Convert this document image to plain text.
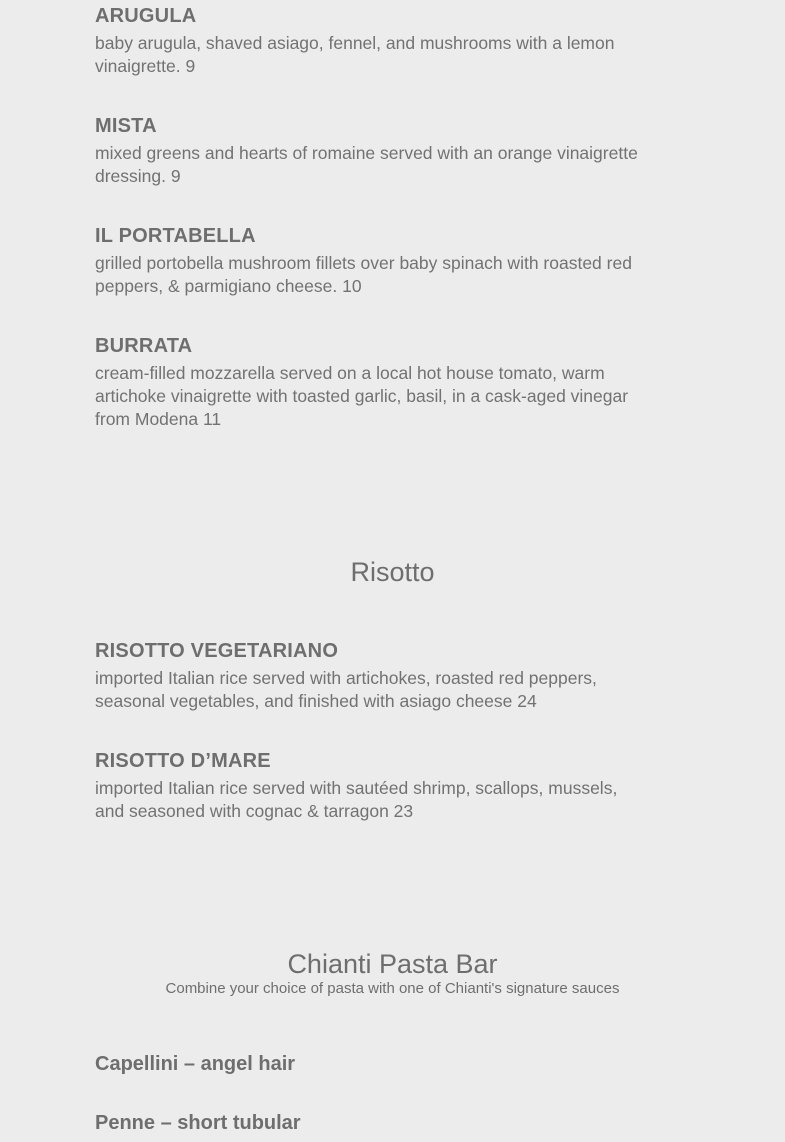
ARUGULA
baby arugula, shaved asiago, fennel, and mushrooms with a lemon vinaigrette. 9
MISTA
mixed greens and hearts of romaine served with an orange vinaigrette dressing. 9
IL PORTABELLA
grilled portobella mushroom fillets over baby spinach with roasted red peppers, & parmigiano cheese. 10
BURRATA
cream-filled mozzarella served on a local hot house tomato, warm artichoke vinaigrette with toasted garlic, basil, in a cask-aged vinegar from Modena 11
Risotto
RISOTTO VEGETARIANO
imported Italian rice served with artichokes, roasted red peppers, seasonal vegetables, and finished with asiago cheese 24
RISOTTO D’MARE
imported Italian rice served with sautéed shrimp, scallops, mussels, and seasoned with cognac & tarragon 23
Chianti Pasta Bar
Combine your choice of pasta with one of Chianti's signature sauces
Capellini – angel hair
Penne – short tubular
